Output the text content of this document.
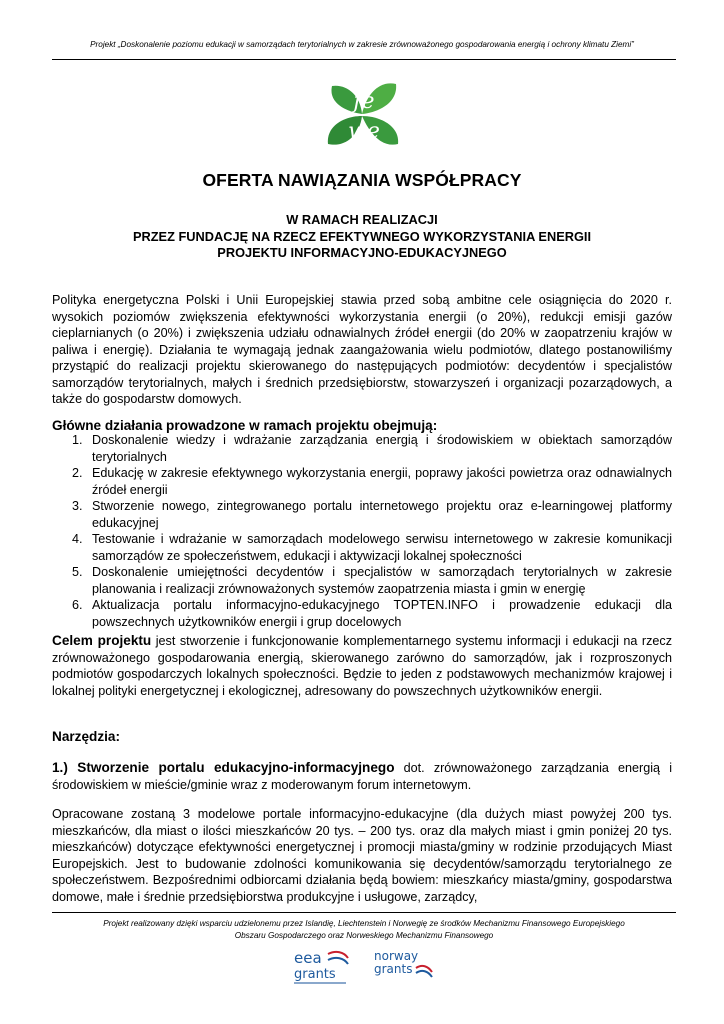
Projekt „Doskonalenie poziomu edukacji w samorządach terytorialnych w zakresie zrównoważonego gospodarowania energią i ochrony klimatu Ziemi”
fe
we
OFERTA NAWIĄZANIA WSPÓŁPRACY
W RAMACH REALIZACJI
PRZEZ FUNDACJĘ NA RZECZ EFEKTYWNEGO WYKORZYSTANIA ENERGII
PROJEKTU INFORMACYJNO-EDUKACYJNEGO
Polityka energetyczna Polski i Unii Europejskiej stawia przed sobą ambitne cele osiągnięcia do 2020 r. wysokich poziomów zwiększenia efektywności wykorzystania energii (o 20%), redukcji emisji gazów cieplarnianych (o 20%) i zwiększenia udziału odnawialnych źródeł energii (do 20% w zaopatrzeniu krajów w paliwa i energię). Działania te wymagają jednak zaangażowania wielu podmiotów, dlatego postanowiliśmy przystąpić do realizacji projektu skierowanego do następujących podmiotów: decydentów i specjalistów samorządów terytorialnych, małych i średnich przedsiębiorstw, stowarzyszeń i organizacji pozarządowych, a także do gospodarstw domowych.
Główne działania prowadzone w ramach projektu obejmują:
1. Doskonalenie wiedzy i wdrażanie zarządzania energią i środowiskiem w obiektach samorządów terytorialnych
2. Edukację w zakresie efektywnego wykorzystania energii, poprawy jakości powietrza oraz odnawialnych źródeł energii
3. Stworzenie nowego, zintegrowanego portalu internetowego projektu oraz e-learningowej platformy edukacyjnej
4. Testowanie i wdrażanie w samorządach modelowego serwisu internetowego w zakresie komunikacji samorządów ze społeczeństwem, edukacji i aktywizacji lokalnej społeczności
5. Doskonalenie umiejętności decydentów i specjalistów w samorządach terytorialnych w zakresie planowania i realizacji zrównoważonych systemów zaopatrzenia miasta i gmin w energię
6. Aktualizacja portalu informacyjno-edukacyjnego TOPTEN.INFO i prowadzenie edukacji dla powszechnych użytkowników energii i grup docelowych
Celem projektu jest stworzenie i funkcjonowanie komplementarnego systemu informacji i edukacji na rzecz zrównoważonego gospodarowania energią, skierowanego zarówno do samorządów, jak i rozproszonych podmiotów gospodarczych lokalnych społeczności. Będzie to jeden z podstawowych mechanizmów krajowej i lokalnej polityki energetycznej i ekologicznej, adresowany do powszechnych użytkowników energii.
Narzędzia:
1.) Stworzenie portalu edukacyjno-informacyjnego dot. zrównoważonego zarządzania energią i środowiskiem w mieście/gminie wraz z moderowanym forum internetowym.
Opracowane zostaną 3 modelowe portale informacyjno-edukacyjne (dla dużych miast powyżej 200 tys. mieszkańców, dla miast o ilości mieszkańców 20 tys. – 200 tys. oraz dla małych miast i gmin poniżej 20 tys. mieszkańców) dotyczące efektywności energetycznej i promocji miasta/gminy w rodzinie przodujących Miast Europejskich. Jest to budowanie zdolności komunikowania się decydentów/samorządu terytorialnego ze społeczeństwem. Bezpośrednimi odbiorcami działania będą bowiem: mieszkańcy miasta/gminy, gospodarstwa domowe, małe i średnie przedsiębiorstwa produkcyjne i usługowe, zarządcy,
Projekt realizowany dzięki wsparciu udzielonemu przez Islandię, Liechtenstein i Norwegię ze środków Mechanizmu Finansowego Europejskiego
Obszaru Gospodarczego oraz Norweskiego Mechanizmu Finansowego
eea
grants
norway
grants
